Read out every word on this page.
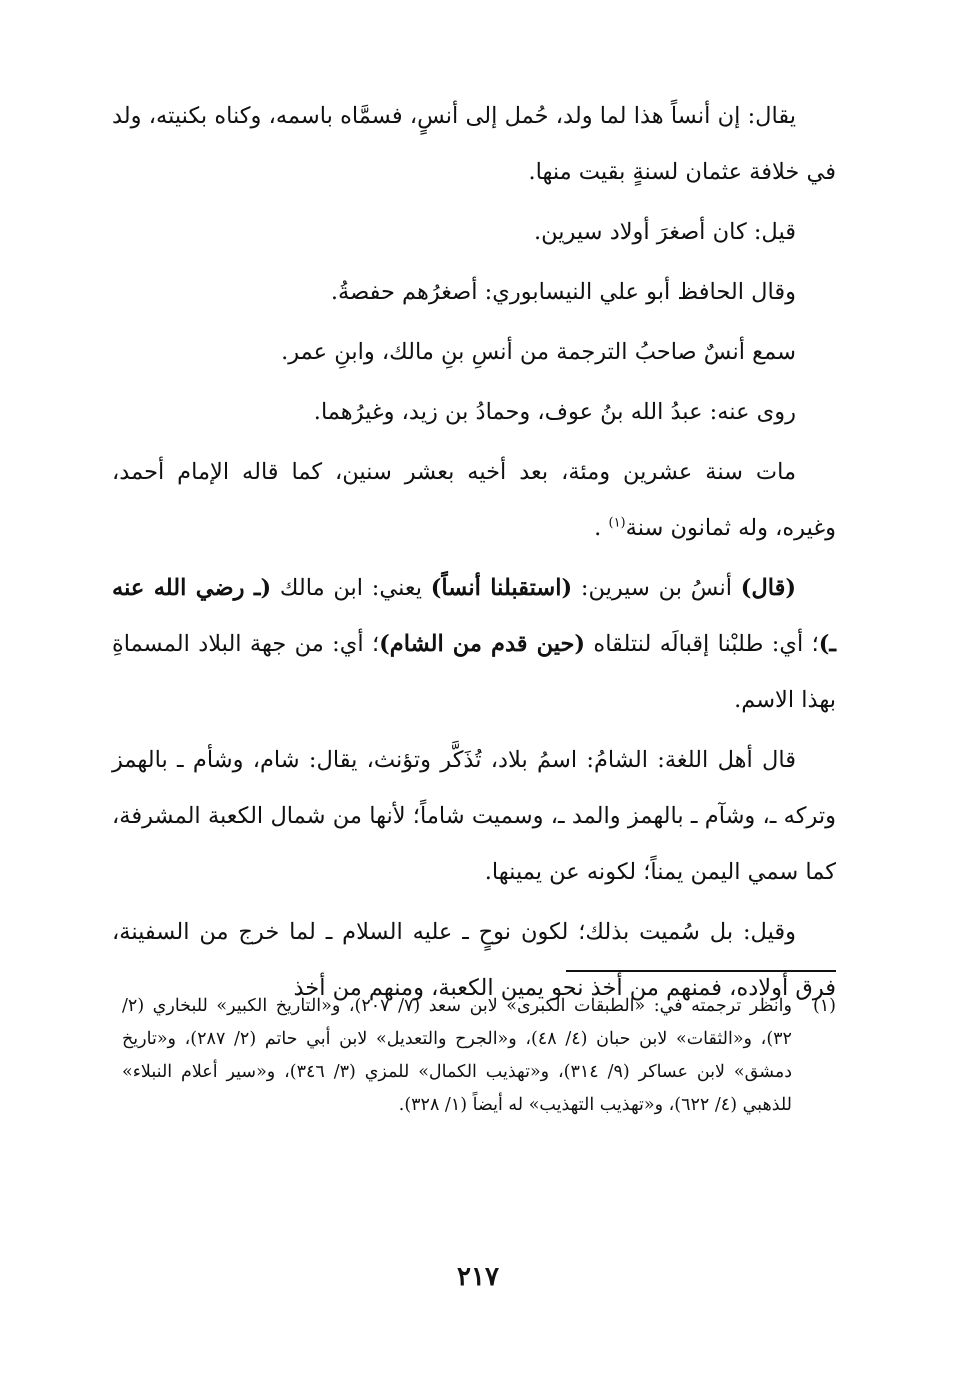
يقال: إن أنساً هذا لما ولد، حُمل إلى أنسٍ، فسمَّاه باسمه، وكناه بكنيته، ولد في خلافة عثمان لسنةٍ بقيت منها.

قيل: كان أصغرَ أولاد سيرين.

وقال الحافظ أبو علي النيسابوري: أصغرُهم حفصةُ.

سمع أنسٌ صاحبُ الترجمة من أنسِ بنِ مالك، وابنِ عمر.

روى عنه: عبدُ الله بنُ عوف، وحمادُ بن زيد، وغيرُهما.

مات سنة عشرين ومئة، بعد أخيه بعشر سنين، كما قاله الإمام أحمد، وغيره، وله ثمانون سنة$^{(١)}$ .

(قال) أنسُ بن سيرين: (استقبلنا أنساً) يعني: ابن مالك (ـ رضي الله عنه ـ)؛ أي: طلبْنا إقبالَه لنتلقاه (حين قدم من الشام)؛ أي: من جهة البلاد المسماةِ بهذا الاسم.

قال أهل اللغة: الشامُ: اسمُ بلاد، تُذَكَّر وتؤنث، يقال: شام، وشأم ـ بالهمز وتركه ـ، وشآم ـ بالهمز والمد ـ، وسميت شاماً؛ لأنها من شمال الكعبة المشرفة، كما سمي اليمن يمناً؛ لكونه عن يمينها.

وقيل: بل سُميت بذلك؛ لكون نوحٍ ـ عليه السلام ـ لما خرج من السفينة، فرق أولاده، فمنهم من أخذ نحو يمين الكعبة، ومنهم من أخذ

(١)وانظر ترجمته في: «الطبقات الكبرى» لابن سعد (٧/ ٢٠٧)، و«التاريخ الكبير» للبخاري (٢/ ٣٢)، و«الثقات» لابن حبان (٤/ ٤٨)، و«الجرح والتعديل» لابن أبي حاتم (٢/ ٢٨٧)، و«تاريخ دمشق» لابن عساكر (٩/ ٣١٤)، و«تهذيب الكمال» للمزي (٣/ ٣٤٦)، و«سير أعلام النبلاء» للذهبي (٤/ ٦٢٢)، و«تهذيب التهذيب» له أيضاً (١/ ٣٢٨).
٢١٧
